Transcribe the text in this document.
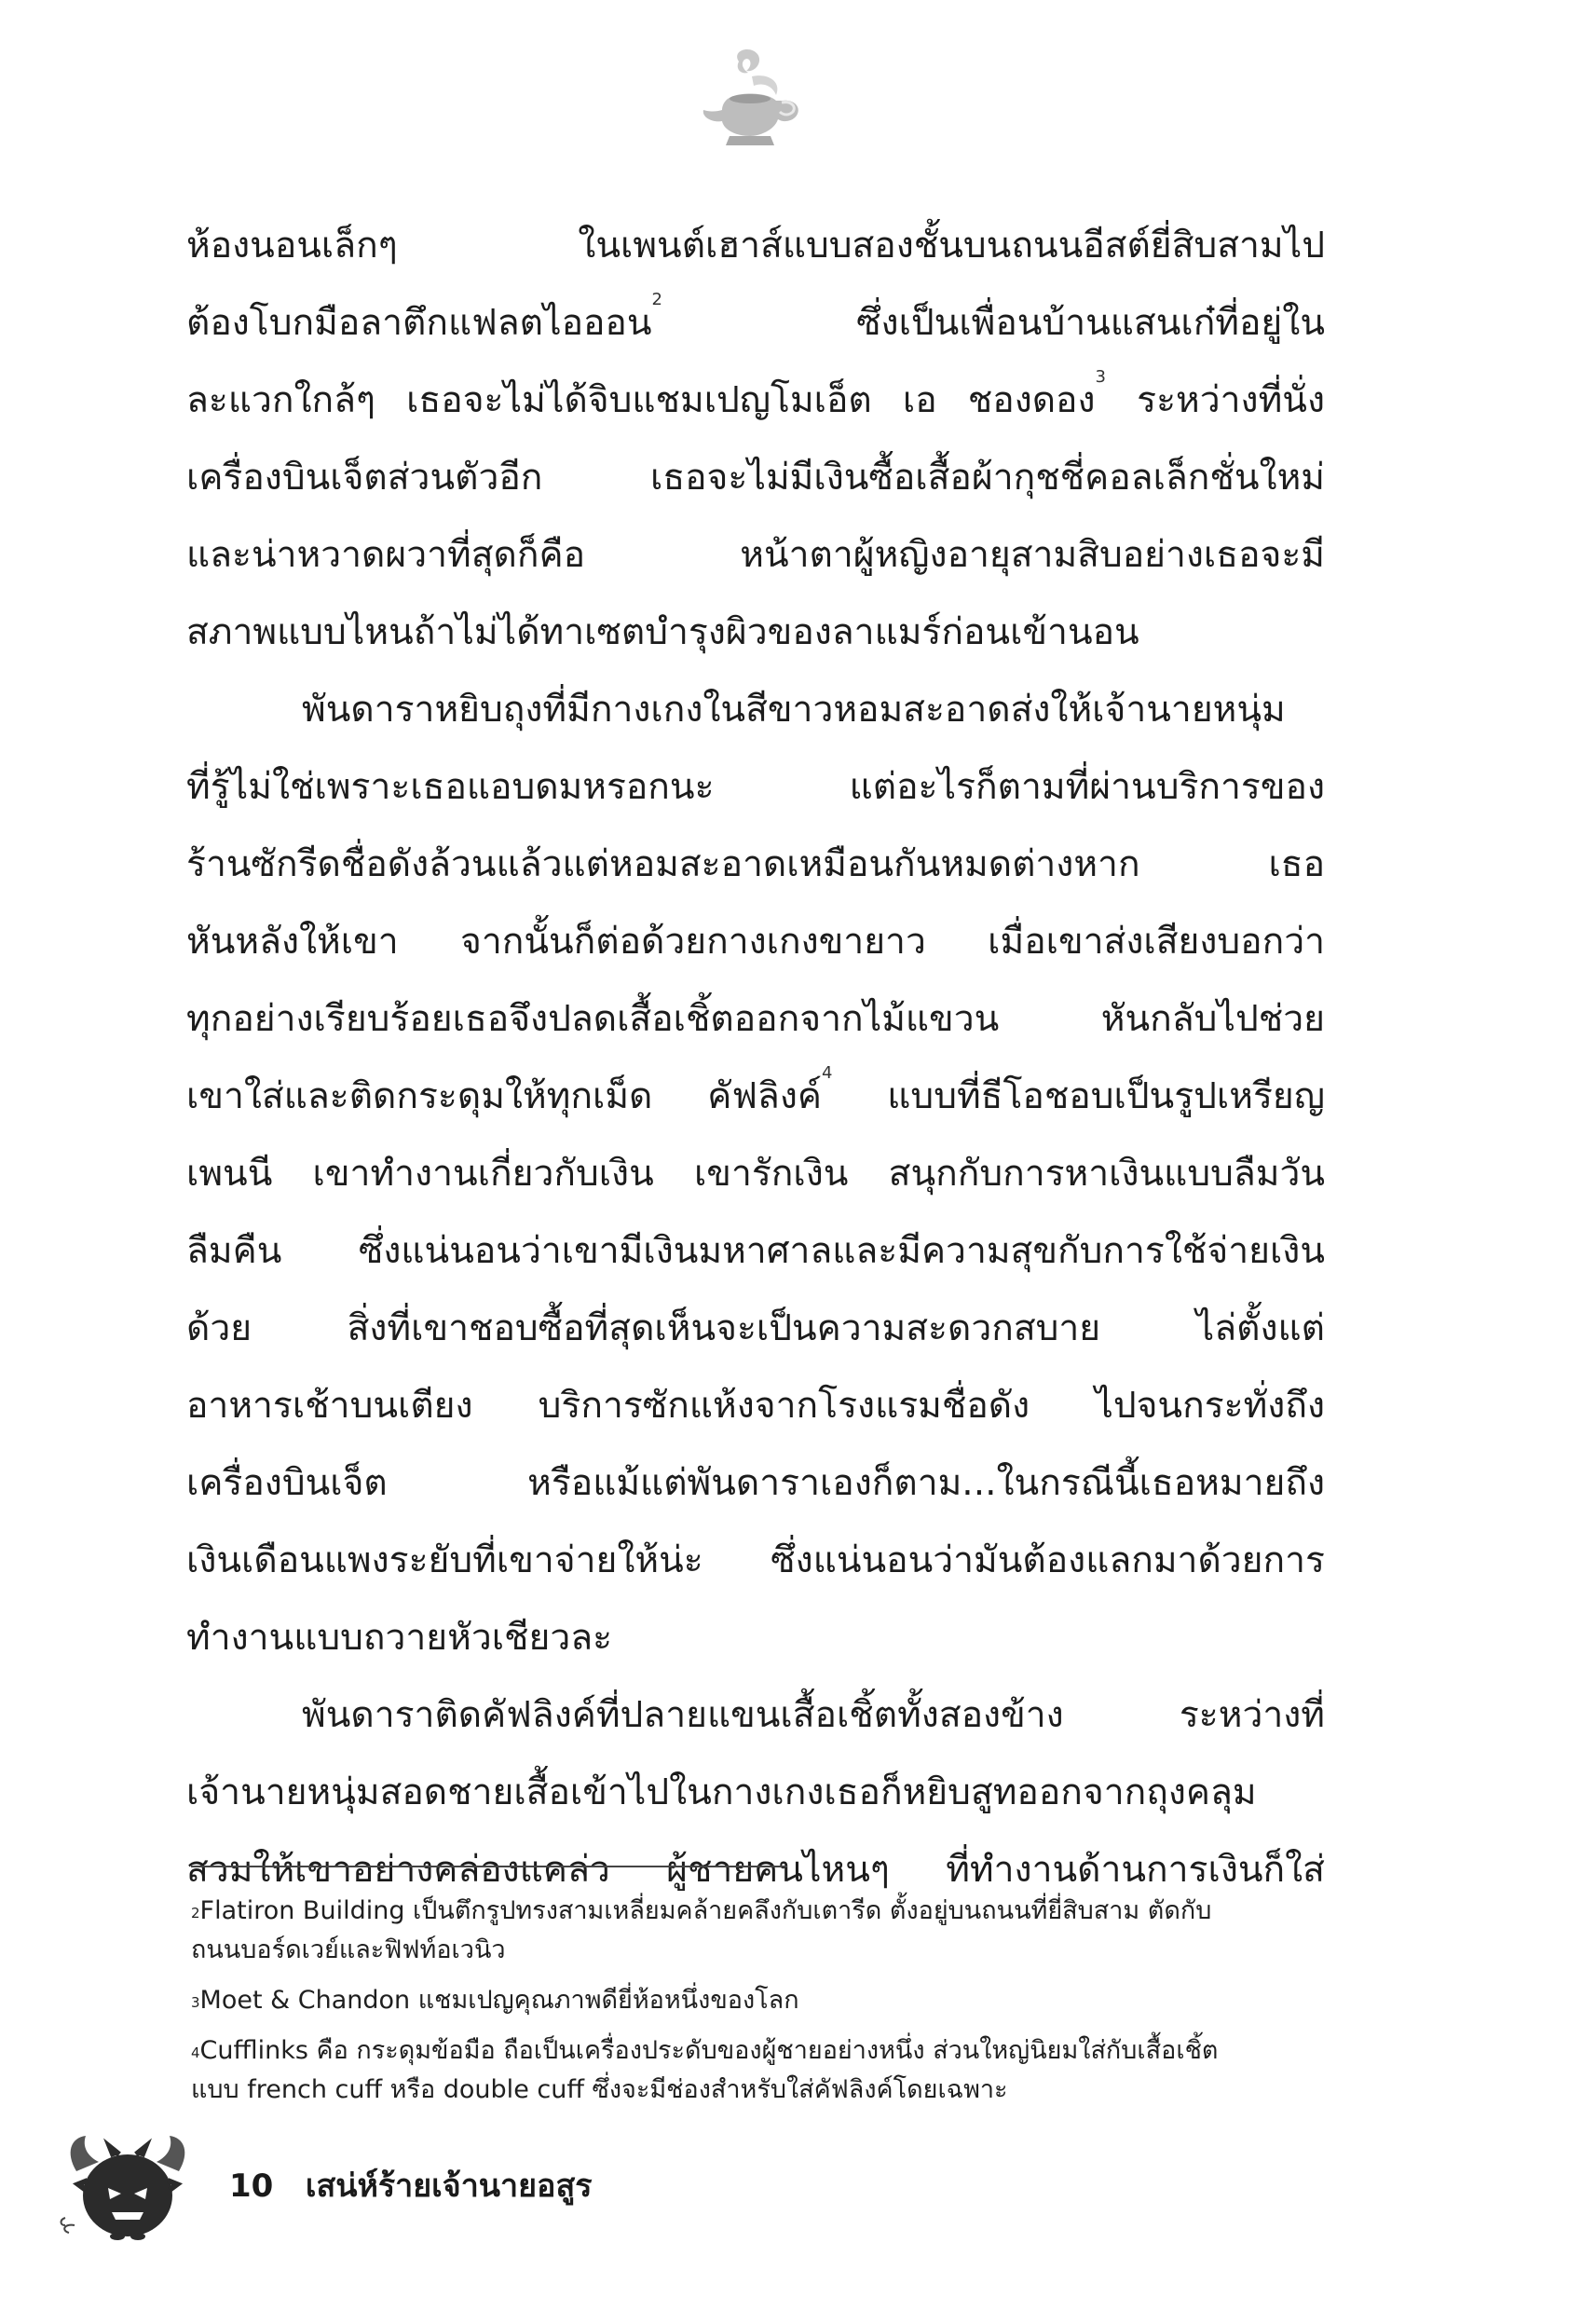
ห้องนอนเล็กๆ ในเพนต์เฮาส์แบบสองชั้นบนถนนอีสต์ยี่สิบสามไป
ต้องโบกมือลาตึกแฟลตไอออน$^2$ ซึ่งเป็นเพื่อนบ้านแสนเก๋ที่อยู่ใน
ละแวกใกล้ๆ เธอจะไม่ได้จิบแชมเปญโมเอ็ต เอ ชองดอง$^3$ ระหว่างที่นั่ง
เครื่องบินเจ็ตส่วนตัวอีก เธอจะไม่มีเงินซื้อเสื้อผ้ากุชชี่คอลเล็กชั่นใหม่
และน่าหวาดผวาที่สุดก็คือ หน้าตาผู้หญิงอายุสามสิบอย่างเธอจะมี
สภาพแบบไหนถ้าไม่ได้ทาเซตบำรุงผิวของลาแมร์ก่อนเข้านอน
พันดาราหยิบถุงที่มีกางเกงในสีขาวหอมสะอาดส่งให้เจ้านายหนุ่ม
ที่รู้ไม่ใช่เพราะเธอแอบดมหรอกนะ แต่อะไรก็ตามที่ผ่านบริการของ
ร้านซักรีดชื่อดังล้วนแล้วแต่หอมสะอาดเหมือนกันหมดต่างหาก เธอ
หันหลังให้เขา จากนั้นก็ต่อด้วยกางเกงขายาว เมื่อเขาส่งเสียงบอกว่า
ทุกอย่างเรียบร้อยเธอจึงปลดเสื้อเชิ้ตออกจากไม้แขวน หันกลับไปช่วย
เขาใส่และติดกระดุมให้ทุกเม็ด คัฟลิงค์$^4$ แบบที่ธีโอชอบเป็นรูปเหรียญ
เพนนี เขาทำงานเกี่ยวกับเงิน เขารักเงิน สนุกกับการหาเงินแบบลืมวัน
ลืมคืน ซึ่งแน่นอนว่าเขามีเงินมหาศาลและมีความสุขกับการใช้จ่ายเงิน
ด้วย สิ่งที่เขาชอบซื้อที่สุดเห็นจะเป็นความสะดวกสบาย ไล่ตั้งแต่
อาหารเช้าบนเตียง บริการซักแห้งจากโรงแรมชื่อดัง ไปจนกระทั่งถึง
เครื่องบินเจ็ต หรือแม้แต่พันดาราเองก็ตาม...ในกรณีนี้เธอหมายถึง
เงินเดือนแพงระยับที่เขาจ่ายให้น่ะ ซึ่งแน่นอนว่ามันต้องแลกมาด้วยการ
ทำงานแบบถวายหัวเชียวละ
พันดาราติดคัฟลิงค์ที่ปลายแขนเสื้อเชิ้ตทั้งสองข้าง ระหว่างที่
เจ้านายหนุ่มสอดชายเสื้อเข้าไปในกางเกงเธอก็หยิบสูทออกจากถุงคลุม
สวมให้เขาอย่างคล่องแคล่ว ผู้ชายคนไหนๆ ที่ทำงานด้านการเงินก็ใส่
$^2$Flatiron Building เป็นตึกรูปทรงสามเหลี่ยมคล้ายคลึงกับเตารีด ตั้งอยู่บนถนนที่ยี่สิบสาม ตัดกับ
ถนนบอร์ดเวย์และฟิฟท์อเวนิว
$^3$Moet & Chandon แชมเปญคุณภาพดียี่ห้อหนึ่งของโลก
$^4$Cufflinks คือ กระดุมข้อมือ ถือเป็นเครื่องประดับของผู้ชายอย่างหนึ่ง ส่วนใหญ่นิยมใส่กับเสื้อเชิ้ต
แบบ french cuff หรือ double cuff ซึ่งจะมีช่องสำหรับใส่คัฟลิงค์โดยเฉพาะ
10 เสน่ห์ร้ายเจ้านายอสูร
